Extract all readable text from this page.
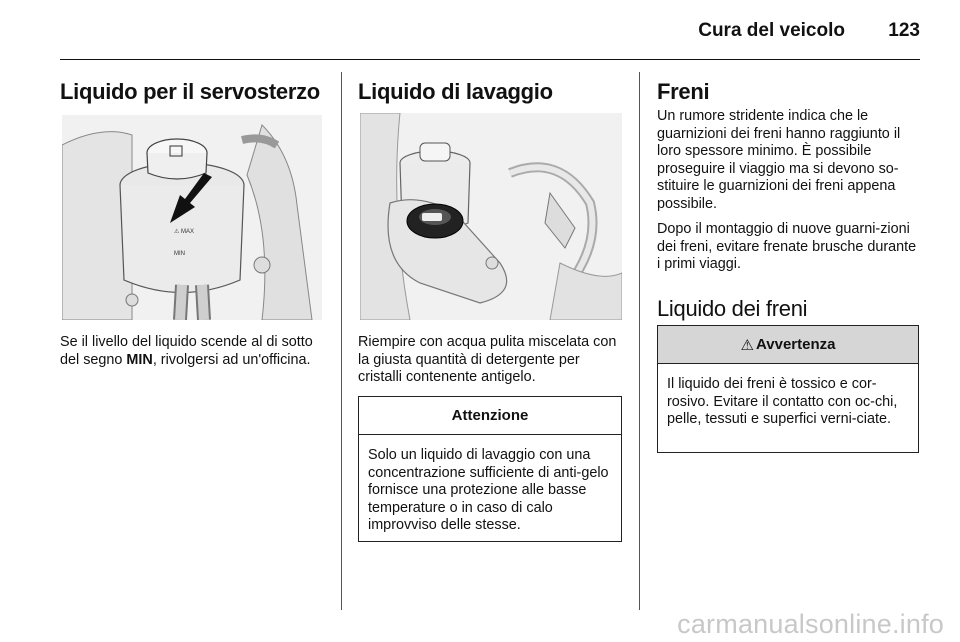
Cura del veicolo 123
Liquido per il servosterzo
⚠ MAX
MIN

Se il livello del liquido scende al di sotto del segno MIN, rivolgersi ad un'officina.

Liquido di lavaggio

Riempire con acqua pulita miscelata con la giusta quantità di detergente per cristalli contenente antigelo.

Attenzione
Solo un liquido di lavaggio con una concentrazione sufficiente di anti-gelo fornisce una protezione alle basse temperature o in caso di calo improvviso delle stesse.
Freni

Un rumore stridente indica che le guarnizioni dei freni hanno raggiunto il loro spessore minimo. È possibile proseguire il viaggio ma si devono so-stituire le guarnizioni dei freni appena possibile.

Dopo il montaggio di nuove guarni-zioni dei freni, evitare frenate brusche durante i primi viaggi.

Liquido dei freni
⚠ Avvertenza
Il liquido dei freni è tossico e cor-rosivo. Evitare il contatto con oc-chi, pelle, tessuti e superfici verni-ciate.
carmanualsonline.info
